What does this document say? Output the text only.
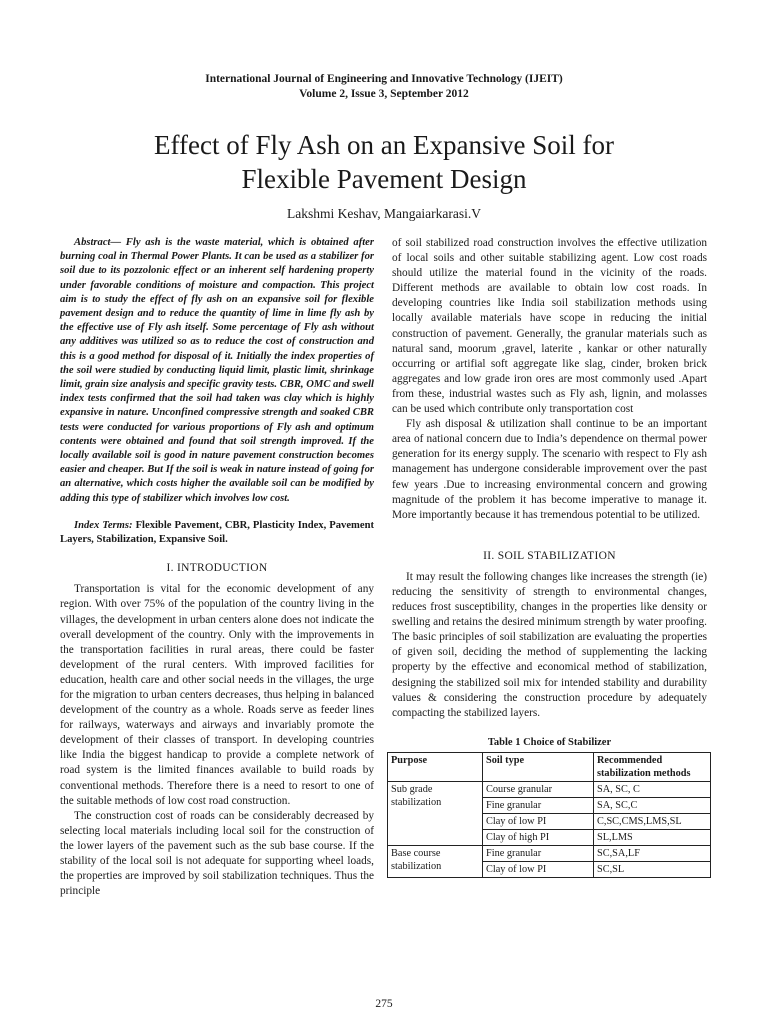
International Journal of Engineering and Innovative Technology (IJEIT)
Volume 2, Issue 3, September 2012
Effect of Fly Ash on an Expansive Soil for
Flexible Pavement Design
Lakshmi Keshav, Mangaiarkarasi.V

Abstract— Fly ash is the waste material, which is obtained after burning coal in Thermal Power Plants. It can be used as a stabilizer for soil due to its pozzolonic effect or an inherent self hardening property under favorable conditions of moisture and compaction. This project aim is to study the effect of fly ash on an expansive soil for flexible pavement design and to reduce the quantity of lime in lime fly ash by the effective use of Fly ash itself. Some percentage of Fly ash without any additives was utilized so as to reduce the cost of construction and this is a good method for disposal of it. Initially the index properties of the soil were studied by conducting liquid limit, plastic limit, shrinkage limit, grain size analysis and specific gravity tests. CBR, OMC and swell index tests confirmed that the soil had taken was clay which is highly expansive in nature. Unconfined compressive strength and soaked CBR tests were conducted for various proportions of Fly ash and optimum contents were obtained and found that soil strength improved. If the locally available soil is good in nature pavement construction becomes easier and cheaper. But If the soil is weak in nature instead of going for an alternative, which costs higher the available soil can be modified by adding this type of stabilizer which involves low cost.

Index Terms: Flexible Pavement, CBR, Plasticity Index, Pavement Layers, Stabilization, Expansive Soil.

I. INTRODUCTION

Transportation is vital for the economic development of any region. With over 75% of the population of the country living in the villages, the development in urban centers alone does not indicate the overall development of the country. Only with the improvements in the transportation facilities in rural areas, there could be faster development of the rural centers. With improved facilities for education, health care and other social needs in the villages, the urge for the migration to urban centers decreases, thus helping in balanced development of the country as a whole. Roads serve as feeder lines for railways, waterways and airways and invariably promote the development of their classes of transport. In developing countries like India the biggest handicap to provide a complete network of road system is the limited finances available to build roads by conventional methods. Therefore there is a need to resort to one of the suitable methods of low cost road construction.

The construction cost of roads can be considerably decreased by selecting local materials including local soil for the construction of the lower layers of the pavement such as the sub base course. If the stability of the local soil is not adequate for supporting wheel loads, the properties are improved by soil stabilization techniques. Thus the principle

of soil stabilized road construction involves the effective utilization of local soils and other suitable stabilizing agent. Low cost roads should utilize the material found in the vicinity of the roads. Different methods are available to obtain low cost roads. In developing countries like India soil stabilization methods using locally available materials have scope in reducing the initial construction of pavement. Generally, the granular materials such as natural sand, moorum ,gravel, laterite , kankar or other naturally occurring or artifial soft aggregate like slag, cinder, broken brick aggregates and low grade iron ores are most commonly used .Apart from these, industrial wastes such as Fly ash, lignin, and molasses can be used which contribute only transportation cost

Fly ash disposal & utilization shall continue to be an important area of national concern due to India’s dependence on thermal power generation for its energy supply. The scenario with respect to Fly ash management has undergone considerable improvement over the past few years .Due to increasing environmental concern and growing magnitude of the problem it has become imperative to manage it. More importantly because it has tremendous potential to be utilized.

II. SOIL STABILIZATION

It may result the following changes like increases the strength (ie) reducing the sensitivity of strength to environmental changes, reduces frost susceptibility, changes in the properties like density or swelling and retains the desired minimum strength by water proofing. The basic principles of soil stabilization are evaluating the properties of given soil, deciding the method of supplementing the lacking property by the effective and economical method of stabilization, designing the stabilized soil mix for intended stability and durability values & considering the construction procedure by adequately compacting the stabilized layers.

Table 1 Choice of Stabilizer
Purpose	Soil type	Recommended stabilization methods
Sub grade stabilization	Course granular	SA, SC, C
	Fine granular	SA, SC,C
	Clay of low PI	C,SC,CMS,LMS,SL
	Clay of high PI	SL,LMS
Base course stabilization	Fine granular	SC,SA,LF
	Clay of low PI	SC,SL
275
